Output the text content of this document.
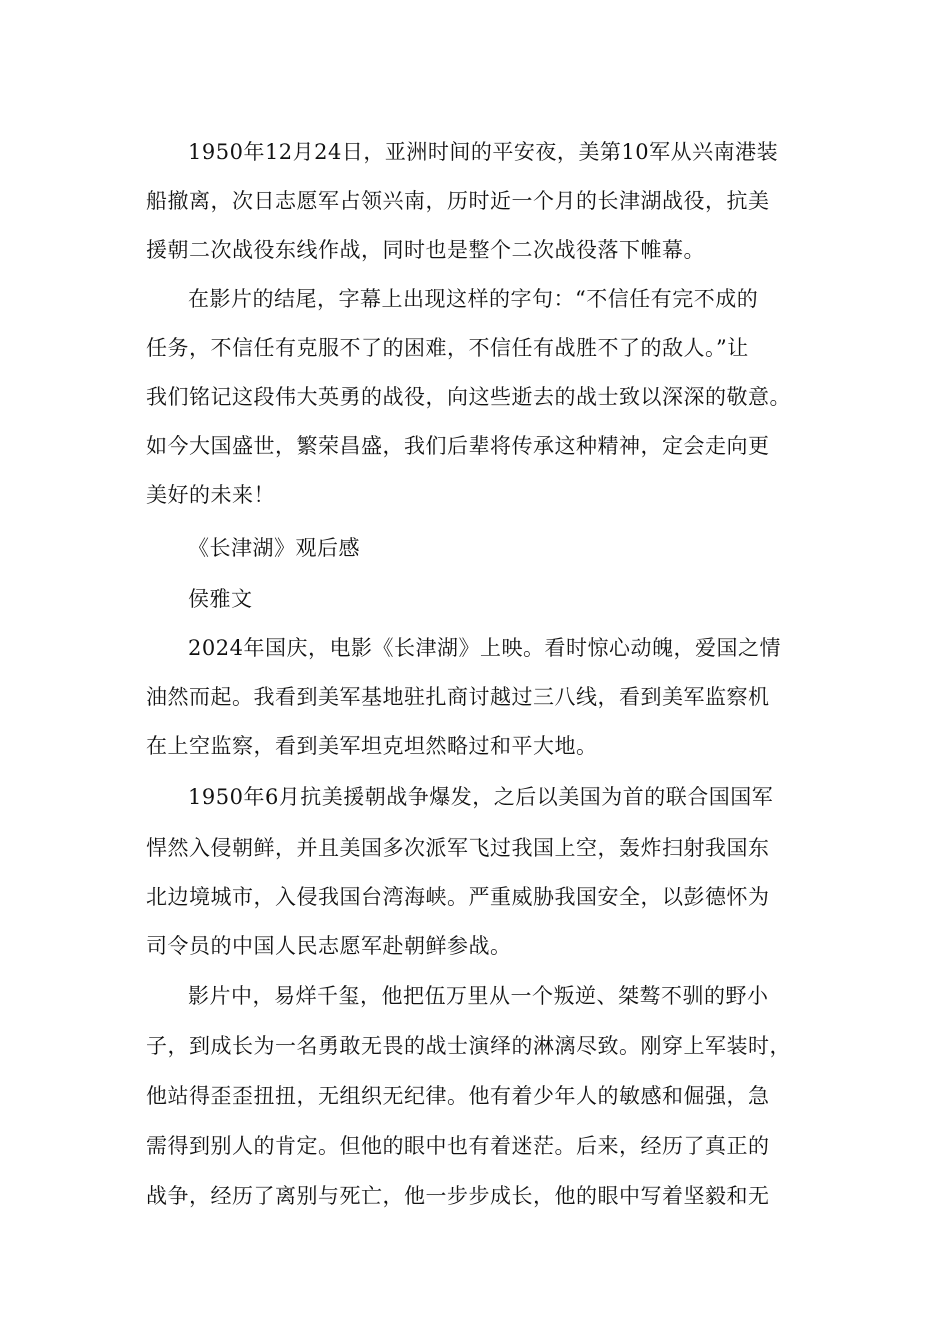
1950年12月24日，亚洲时间的平安夜，美第10军从兴南港装
船撤离，次日志愿军占领兴南，历时近一个月的长津湖战役，抗美
援朝二次战役东线作战，同时也是整个二次战役落下帷幕。
在影片的结尾，字幕上出现这样的字句：“不信任有完不成的
任务，不信任有克服不了的困难，不信任有战胜不了的敌人。”让
我们铭记这段伟大英勇的战役，向这些逝去的战士致以深深的敬意。
如今大国盛世，繁荣昌盛，我们后辈将传承这种精神，定会走向更
美好的未来！
《长津湖》观后感
侯雅文
2024年国庆，电影《长津湖》上映。看时惊心动魄，爱国之情
油然而起。我看到美军基地驻扎商讨越过三八线，看到美军监察机
在上空监察，看到美军坦克坦然略过和平大地。
1950年6月抗美援朝战争爆发，之后以美国为首的联合国国军
悍然入侵朝鲜，并且美国多次派军飞过我国上空，轰炸扫射我国东
北边境城市，入侵我国台湾海峡。严重威胁我国安全，以彭德怀为
司令员的中国人民志愿军赴朝鲜参战。
影片中，易烊千玺，他把伍万里从一个叛逆、桀骜不驯的野小
子，到成长为一名勇敢无畏的战士演绎的淋漓尽致。刚穿上军装时，
他站得歪歪扭扭，无组织无纪律。他有着少年人的敏感和倔强，急
需得到别人的肯定。但他的眼中也有着迷茫。后来，经历了真正的
战争，经历了离别与死亡，他一步步成长，他的眼中写着坚毅和无
